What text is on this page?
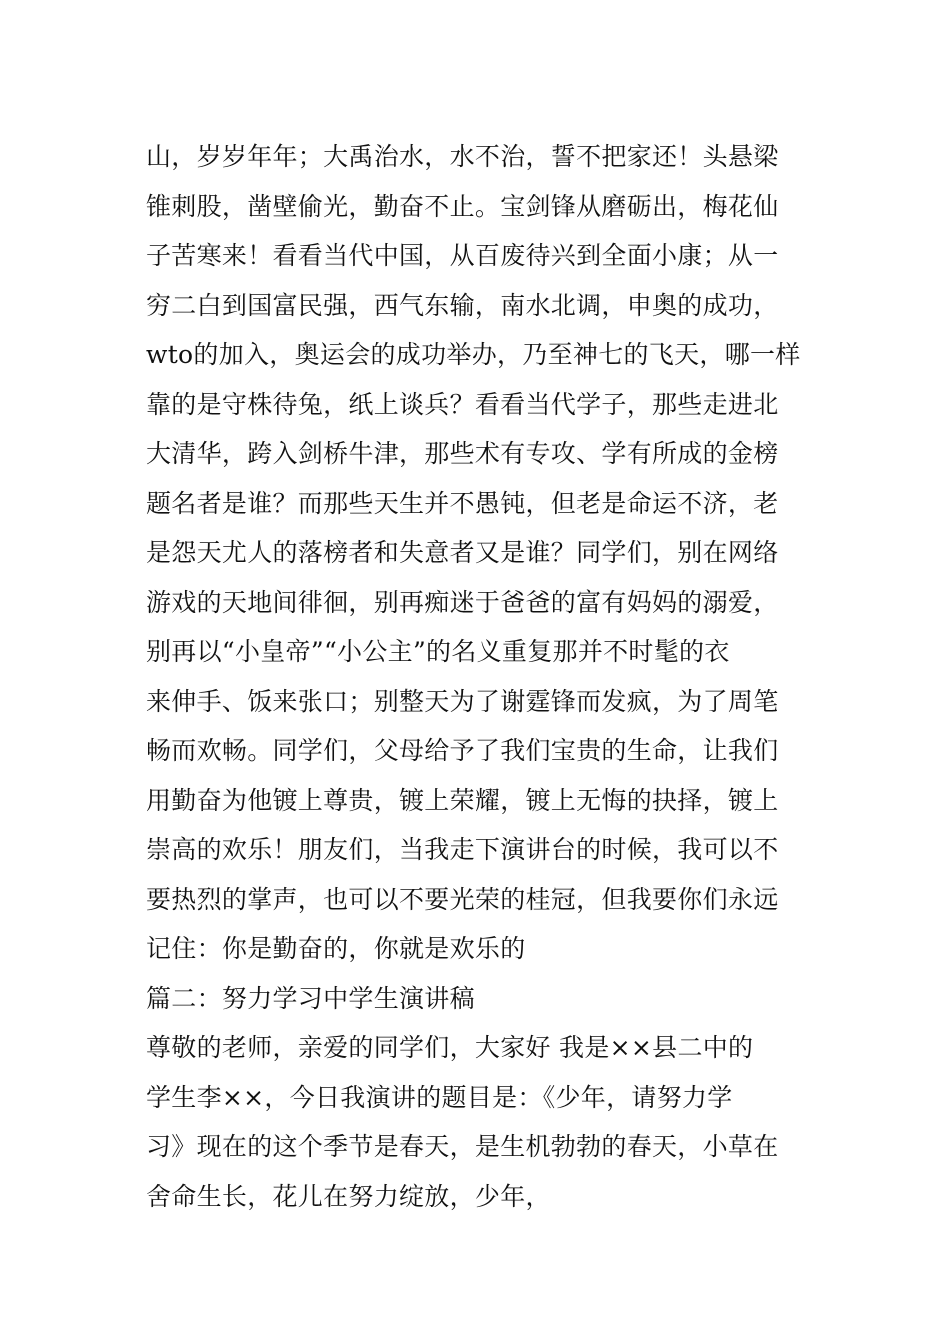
山，岁岁年年；大禹治水，水不治，誓不把家还！头悬梁
锥刺股，凿壁偷光，勤奋不止。宝剑锋从磨砺出，梅花仙
子苦寒来！看看当代中国，从百废待兴到全面小康；从一
穷二白到国富民强，西气东输，南水北调，申奥的成功，
wto的加入，奥运会的成功举办，乃至神七的飞天，哪一样
靠的是守株待兔，纸上谈兵？看看当代学子，那些走进北
大清华，跨入剑桥牛津，那些术有专攻、学有所成的金榜
题名者是谁？而那些天生并不愚钝，但老是命运不济，老
是怨天尤人的落榜者和失意者又是谁？同学们，别在网络
游戏的天地间徘徊，别再痴迷于爸爸的富有妈妈的溺爱，
别再以“小皇帝”“小公主”的名义重复那并不时髦的衣
来伸手、饭来张口；别整天为了谢霆锋而发疯，为了周笔
畅而欢畅。同学们，父母给予了我们宝贵的生命，让我们
用勤奋为他镀上尊贵，镀上荣耀，镀上无悔的抉择，镀上
崇高的欢乐！朋友们，当我走下演讲台的时候，我可以不
要热烈的掌声，也可以不要光荣的桂冠，但我要你们永远
记住：你是勤奋的，你就是欢乐的
篇二：努力学习中学生演讲稿
尊敬的老师，亲爱的同学们，大家好 我是××县二中的
学生李××，今日我演讲的题目是：《少年，请努力学
习》现在的这个季节是春天，是生机勃勃的春天，小草在
舍命生长，花儿在努力绽放，少年，
